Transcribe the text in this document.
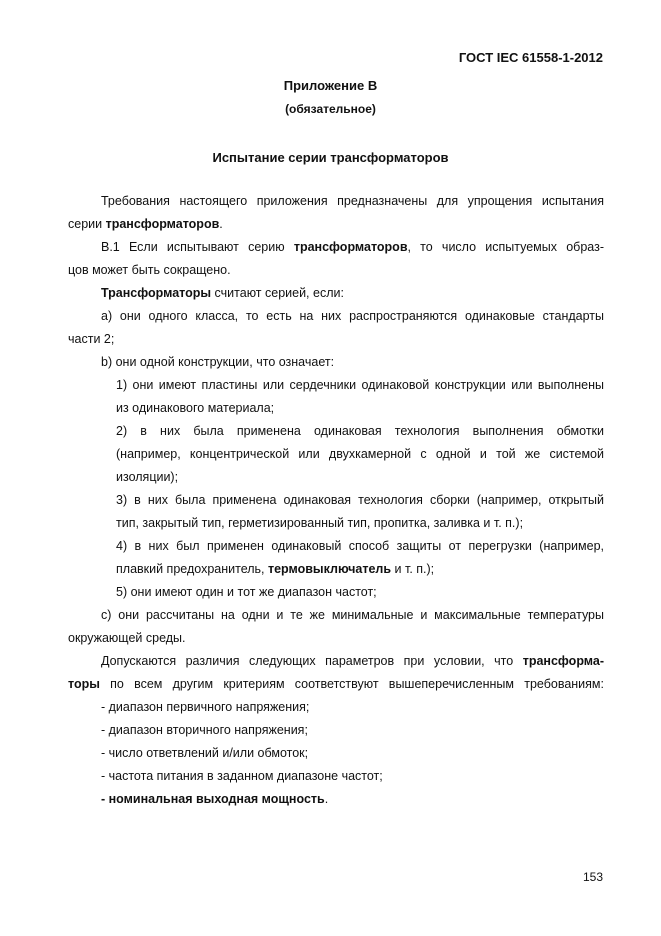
ГОСТ IEC 61558-1-2012
Приложение В
(обязательное)
Испытание серии трансформаторов
Требования настоящего приложения предназначены для упрощения испытания
серии трансформаторов.
В.1 Если испытывают серию трансформаторов, то число испытуемых образ-
цов может быть сокращено.
Трансформаторы считают серией, если:
а) они одного класса, то есть на них распространяются одинаковые стандарты
части 2;
b) они одной конструкции, что означает:
1) они имеют пластины или сердечники одинаковой конструкции или выполнены
из одинакового материала;
2) в них была применена одинаковая технология выполнения обмотки
(например, концентрической или двухкамерной с одной и той же системой
изоляции);
3) в них была применена одинаковая технология сборки (например, открытый
тип, закрытый тип, герметизированный тип, пропитка, заливка и т. п.);
4) в них был применен одинаковый способ защиты от перегрузки (например,
плавкий предохранитель, термовыключатель и т. п.);
5) они имеют один и тот же диапазон частот;
с) они рассчитаны на одни и те же минимальные и максимальные температуры
окружающей среды.
Допускаются различия следующих параметров при условии, что трансформа-
торы по всем другим критериям соответствуют вышеперечисленным требованиям:
- диапазон первичного напряжения;
- диапазон вторичного напряжения;
- число ответвлений и/или обмоток;
- частота питания в заданном диапазоне частот;
- номинальная выходная мощность.
153
